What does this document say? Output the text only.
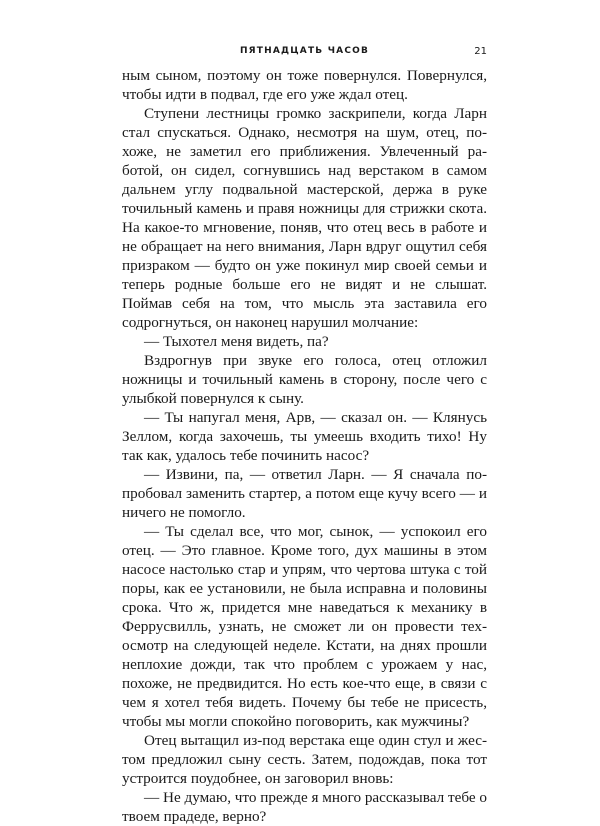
ПЯТНАДЦАТЬ ЧАСОВ	21

ным сыном, поэтому он тоже повернулся. Повернулся, чтобы идти в подвал, где его уже ждал отец.

Ступени лестницы громко заскрипели, когда Ларн стал спускаться. Однако, несмотря на шум, отец, похоже, не заметил его приближения. Увлеченный работой, он сидел, согнувшись над верстаком в самом дальнем углу подвальной мастерской, держа в руке точильный камень и правя ножницы для стрижки скота. На какое-то мгновение, поняв, что отец весь в работе и не обращает на него внимания, Ларн вдруг ощутил себя призраком — будто он уже покинул мир своей семьи и теперь родные больше его не видят и не слышат. Поймав себя на том, что мысль эта заставила его содрогнуться, он наконец нарушил молчание:

— Тыхотел меня видеть, па?

Вздрогнув при звуке его голоса, отец отложил ножницы и точильный камень в сторону, после чего с улыбкой повернулся к сыну.

— Ты напугал меня, Арв, — сказал он. — Клянусь Зеллом, когда захочешь, ты умеешь входить тихо! Ну так как, удалось тебе починить насос?

— Извини, па, — ответил Ларн. — Я сначала попробовал заменить стартер, а потом еще кучу всего — и ничего не помогло.

— Ты сделал все, что мог, сынок, — успокоил его отец. — Это главное. Кроме того, дух машины в этом насосе настолько стар и упрям, что чертова штука с той поры, как ее установили, не была исправна и половины срока. Что ж, придется мне наведаться к механику в Феррусвилль, узнать, не сможет ли он провести техосмотр на следующей неделе. Кстати, на днях прошли неплохие дожди, так что проблем с урожаем у нас, похоже, не предвидится. Но есть кое-что еще, в связи с чем я хотел тебя видеть. Почему бы тебе не присесть, чтобы мы могли спокойно поговорить, как мужчины?

Отец вытащил из-под верстака еще один стул и жестом предложил сыну сесть. Затем, подождав, пока тот устроится поудобнее, он заговорил вновь:

— Не думаю, что прежде я много рассказывал тебе о твоем прадеде, верно?
